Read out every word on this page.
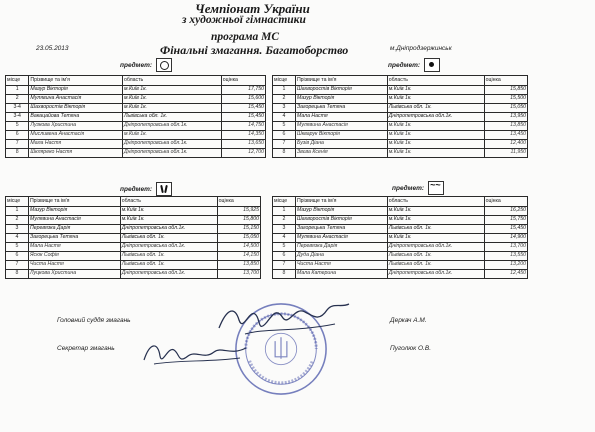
Чемпіонат України
з художньої гімнастики
програма МС
Фінальні змагання. Багатоборство
23.05.2013	м.Дніпродзержинськ
предмет:	предмет:
предмет:	предмет:
~~
місце	Прізвище та ім'я	область	оцінка
1	Мазур Вікторія	м.Київ 1к.	17,750
2	Мулявина Анастасія	м.Київ 1к.	15,600
3-4	Шахворостів Вікторія	м.Київ 1к.	15,450
3-4	Вакацайова Тетяна	Львівська обл. 1к.	15,450
5	Лузкова Христина	Дніпропетровська обл.1к.	14,750
6	Мисливена Анастасія	м.Київ 1к.	14,350
7	Мала Настя	Дніпропетровська обл.1к.	13,650
8	Шкляреко Настя	Дніпропетровська обл.1к.	12,700
місце	Прізвище та ім'я	область	оцінка
1	Шахворостів Вікторія	м.Київ 1к.	15,850
2	Мазур Вікторія	м.Київ 1к.	15,500
3	Загорецька Тетяна	Львівська обл. 1к.	15,050
4	Мала Настя	Дніпропетровська обл.1к.	13,950
5	Мулявина Анастасія	м.Київ 1к.	13,850
6	Шкварук Вікторія	м.Київ 1к.	13,450
7	Бузів Діана	м.Київ 1к.	12,400
8	Звєва Ксенія	м.Київ 1к.	11,950
місце	Прізвище та ім'я	область	оцінка
1	Мазур Вікторія	м.Київ 1к.	15,925
2	Мулявина Анастасія	м.Київ 1к.	15,800
3	Перевязка Дарія	Дніпропетровська обл.1к.	15,150
4	Загорецька Тетяна	Львівська обл. 1к.	15,050
5	Мала Настя	Дніпропетровська обл.1к.	14,500
6	Ясюк Софія	Львівська обл. 1к.	14,150
7	Чиста Настя	Львівська обл. 1к.	13,850
8	Луцкова Христина	Дніпропетровська обл.1к.	13,700
місце	Прізвище та ім'я	область	оцінка
1	Мазур Вікторія	м.Київ 1к.	16,250
2	Шахворостів Вікторія	м.Київ 1к.	15,750
3	Загорецька Тетяна	Львівська обл. 1к.	15,450
4	Мулявина Анастасія	м.Київ 1к.	14,900
5	Перевязка Дарія	Дніпропетровська обл.1к.	13,700
6	Дуда Діана	Львівська обл. 1к.	13,550
7	Чиста Настя	Львівська обл. 1к.	13,200
8	Мала Катерина	Дніпропетровська обл.1к.	12,450
Головний суддя змагань	Деркач А.М.
Секретар змагань	Пуголюк О.В.
